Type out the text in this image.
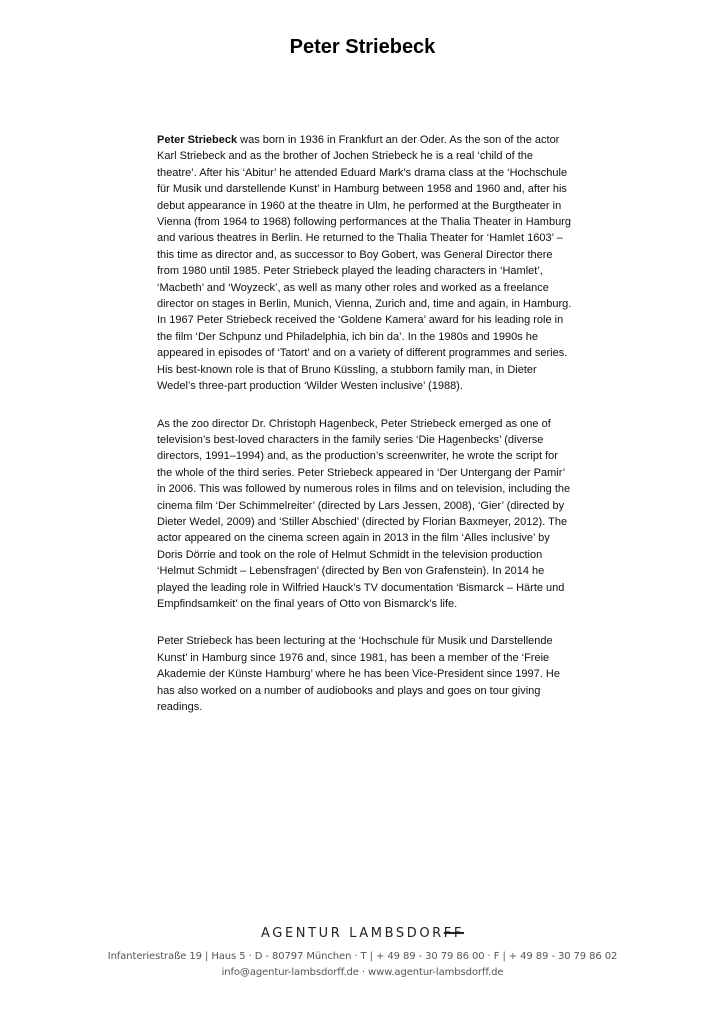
Peter Striebeck

Peter Striebeck was born in 1936 in Frankfurt an der Oder. As the son of the actor Karl Striebeck and as the brother of Jochen Striebeck he is a real ‘child of the theatre’. After his ‘Abitur’ he attended Eduard Mark’s drama class at the ‘Hochschule für Musik und darstellende Kunst’ in Hamburg between 1958 and 1960 and, after his debut appearance in 1960 at the theatre in Ulm, he performed at the Burgtheater in Vienna (from 1964 to 1968) following performances at the Thalia Theater in Hamburg and various theatres in Berlin. He returned to the Thalia Theater for ‘Hamlet 1603’ – this time as director and, as successor to Boy Gobert, was General Director there from 1980 until 1985. Peter Striebeck played the leading characters in ‘Hamlet’, ‘Macbeth’ and ‘Woyzeck’, as well as many other roles and worked as a freelance director on stages in Berlin, Munich, Vienna, Zurich and, time and again, in Hamburg. In 1967 Peter Striebeck received the ‘Goldene Kamera’ award for his leading role in the film ‘Der Schpunz und Philadelphia, ich bin da’. In the 1980s and 1990s he appeared in episodes of ‘Tatort’ and on a variety of different programmes and series. His best-known role is that of Bruno Küssling, a stubborn family man, in Dieter Wedel’s three-part production ‘Wilder Westen inclusive’ (1988).

As the zoo director Dr. Christoph Hagenbeck, Peter Striebeck emerged as one of television’s best-loved characters in the family series ‘Die Hagenbecks’ (diverse directors, 1991–1994) and, as the production’s screenwriter, he wrote the script for the whole of the third series. Peter Striebeck appeared in ‘Der Untergang der Pamir’ in 2006. This was followed by numerous roles in films and on television, including the cinema film ‘Der Schimmelreiter’ (directed by Lars Jessen, 2008), ‘Gier’ (directed by Dieter Wedel, 2009) and ‘Stiller Abschied’ (directed by Florian Baxmeyer, 2012). The actor appeared on the cinema screen again in 2013 in the film ‘Alles inclusive’ by Doris Dörrie and took on the role of Helmut Schmidt in the television production ‘Helmut Schmidt – Lebensfragen’ (directed by Ben von Grafenstein). In 2014 he played the leading role in Wilfried Hauck’s TV documentation ‘Bismarck – Härte und Empfindsamkeit’ on the final years of Otto von Bismarck’s life.

Peter Striebeck has been lecturing at the ‘Hochschule für Musik und Darstellende Kunst’ in Hamburg since 1976 and, since 1981, has been a member of the ‘Freie Akademie der Künste Hamburg’ where he has been Vice-President since 1997. He has also worked on a number of audiobooks and plays and goes on tour giving readings.

AGENTUR LAMBSDORFF
Infanteriestraße 19 | Haus 5 · D - 80797 München · T | + 49 89 - 30 79 86 00 · F | + 49 89 - 30 79 86 02
info@agentur-lambsdorff.de · www.agentur-lambsdorff.de
